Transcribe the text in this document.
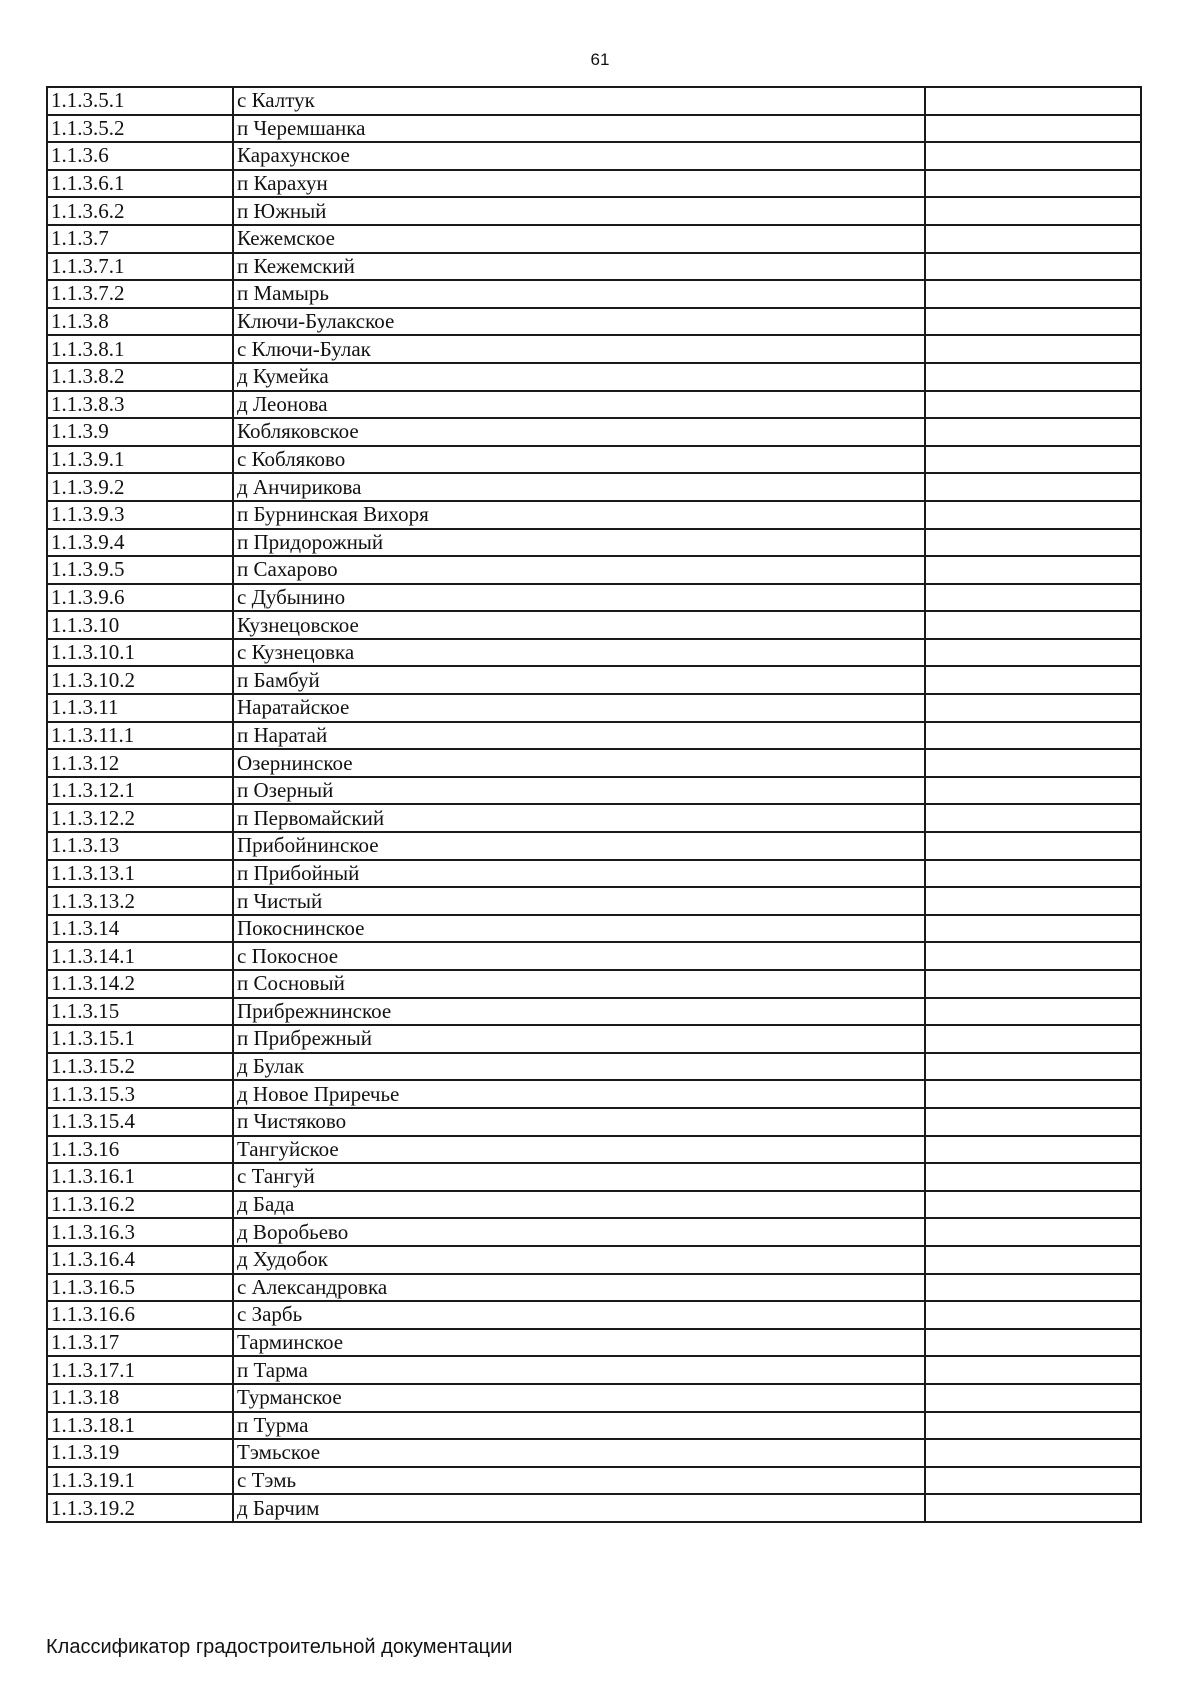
61
1.1.3.5.1	с Калтук	
1.1.3.5.2	п Черемшанка	
1.1.3.6	Карахунское	
1.1.3.6.1	п Карахун	
1.1.3.6.2	п Южный	
1.1.3.7	Кежемское	
1.1.3.7.1	п Кежемский	
1.1.3.7.2	п Мамырь	
1.1.3.8	Ключи-Булакское	
1.1.3.8.1	с Ключи-Булак	
1.1.3.8.2	д Кумейка	
1.1.3.8.3	д Леонова	
1.1.3.9	Кобляковское	
1.1.3.9.1	с Кобляково	
1.1.3.9.2	д Анчирикова	
1.1.3.9.3	п Бурнинская Вихоря	
1.1.3.9.4	п Придорожный	
1.1.3.9.5	п Сахарово	
1.1.3.9.6	с Дубынино	
1.1.3.10	Кузнецовское	
1.1.3.10.1	с Кузнецовка	
1.1.3.10.2	п Бамбуй	
1.1.3.11	Наратайское	
1.1.3.11.1	п Наратай	
1.1.3.12	Озернинское	
1.1.3.12.1	п Озерный	
1.1.3.12.2	п Первомайский	
1.1.3.13	Прибойнинское	
1.1.3.13.1	п Прибойный	
1.1.3.13.2	п Чистый	
1.1.3.14	Покоснинское	
1.1.3.14.1	с Покосное	
1.1.3.14.2	п Сосновый	
1.1.3.15	Прибрежнинское	
1.1.3.15.1	п Прибрежный	
1.1.3.15.2	д Булак	
1.1.3.15.3	д Новое Приречье	
1.1.3.15.4	п Чистяково	
1.1.3.16	Тангуйское	
1.1.3.16.1	с Тангуй	
1.1.3.16.2	д Бада	
1.1.3.16.3	д Воробьево	
1.1.3.16.4	д Худобок	
1.1.3.16.5	с Александровка	
1.1.3.16.6	с Зарбь	
1.1.3.17	Тарминское	
1.1.3.17.1	п Тарма	
1.1.3.18	Турманское	
1.1.3.18.1	п Турма	
1.1.3.19	Тэмьское	
1.1.3.19.1	с Тэмь	
1.1.3.19.2	д Барчим	
Классификатор градостроительной документации
